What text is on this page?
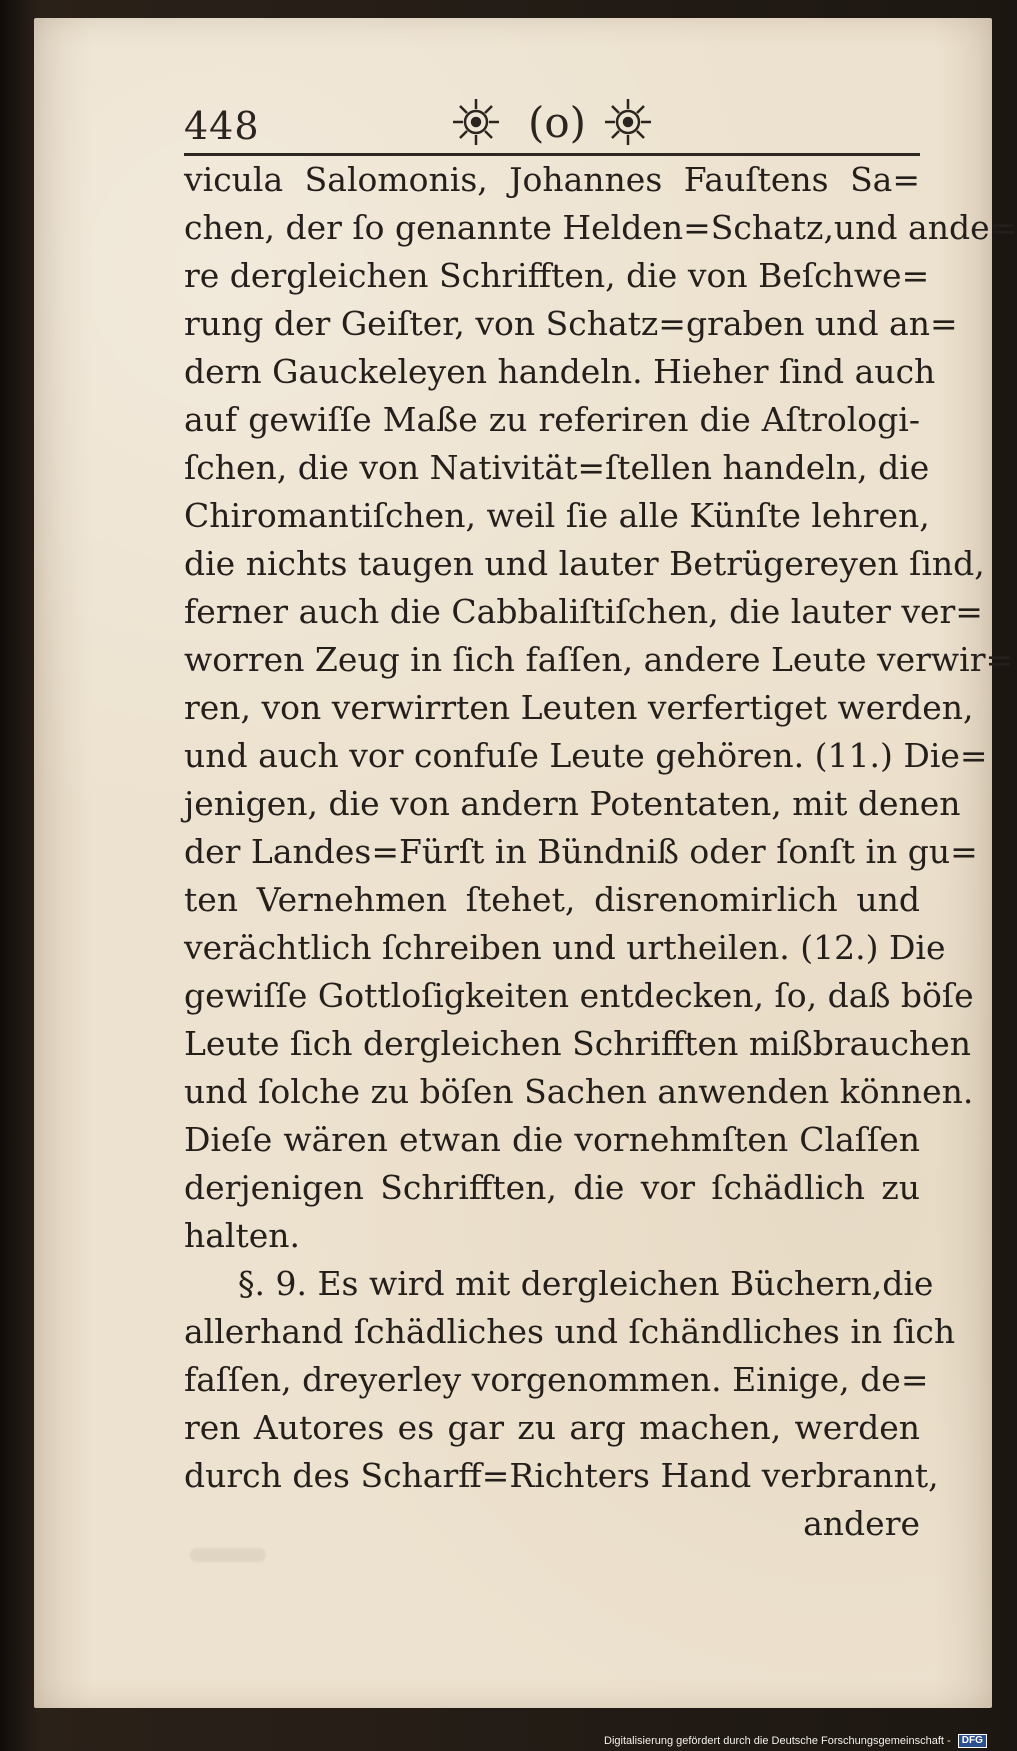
448	(o)
vicula Salomonis, Johannes Fauſtens Sa=
chen, der ſo genannte Helden=Schatz,und ande=
re dergleichen Schrifften, die von Beſchwe=
rung der Geiſter, von Schatz=graben und an=
dern Gauckeleyen handeln. Hieher ſind auch
auf gewiſſe Maße zu referiren die Aſtrologi-
ſchen, die von Nativität=ſtellen handeln, die
Chiromantiſchen, weil ſie alle Künſte lehren,
die nichts taugen und lauter Betrügereyen ſind,
ferner auch die Cabbaliſtiſchen, die lauter ver=
worren Zeug in ſich faſſen, andere Leute verwir=
ren, von verwirrten Leuten verfertiget werden,
und auch vor confuſe Leute gehören. (11.) Die=
jenigen, die von andern Potentaten, mit denen
der Landes=Fürſt in Bündniß oder ſonſt in gu=
ten Vernehmen ſtehet, disrenomirlich und
verächtlich ſchreiben und urtheilen. (12.) Die
gewiſſe Gottloſigkeiten entdecken, ſo, daß böſe
Leute ſich dergleichen Schrifften mißbrauchen
und ſolche zu böſen Sachen anwenden können.
Dieſe wären etwan die vornehmſten Claſſen
derjenigen Schrifften, die vor ſchädlich zu
halten.
§. 9. Es wird mit dergleichen Büchern,die
allerhand ſchädliches und ſchändliches in ſich
faſſen, dreyerley vorgenommen. Einige, de=
ren Autores es gar zu arg machen, werden
durch des Scharff=Richters Hand verbrannt,
andere
Digitalisierung gefördert durch die Deutsche Forschungsgemeinschaft - DFG
